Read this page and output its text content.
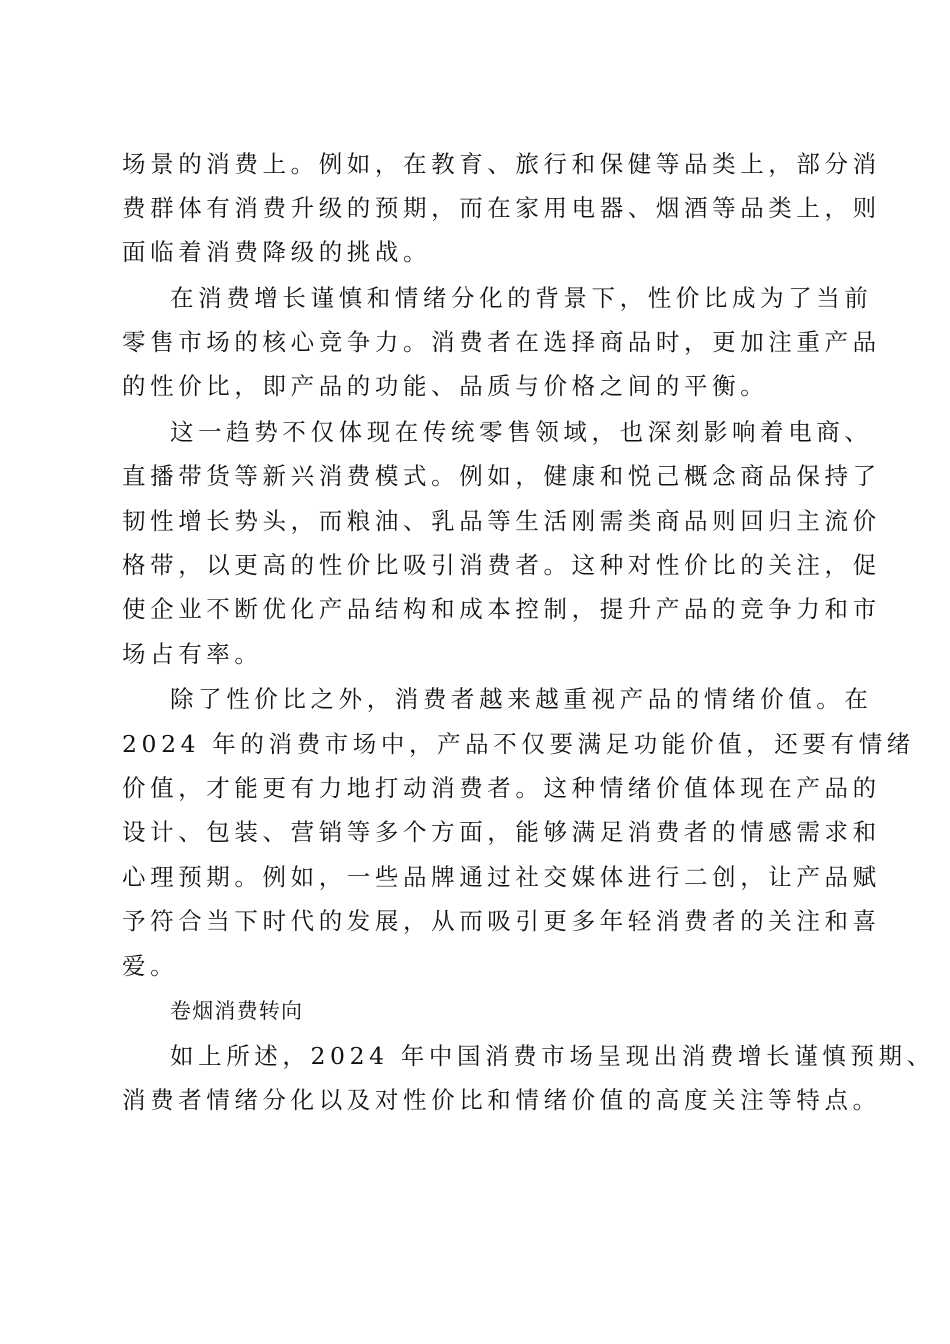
场景的消费上。例如，在教育、旅行和保健等品类上，部分消
费群体有消费升级的预期，而在家用电器、烟酒等品类上，则
面临着消费降级的挑战。
在消费增长谨慎和情绪分化的背景下，性价比成为了当前
零售市场的核心竞争力。消费者在选择商品时，更加注重产品
的性价比，即产品的功能、品质与价格之间的平衡。
这一趋势不仅体现在传统零售领域，也深刻影响着电商、
直播带货等新兴消费模式。例如，健康和悦己概念商品保持了
韧性增长势头，而粮油、乳品等生活刚需类商品则回归主流价
格带，以更高的性价比吸引消费者。这种对性价比的关注，促
使企业不断优化产品结构和成本控制，提升产品的竞争力和市
场占有率。
除了性价比之外，消费者越来越重视产品的情绪价值。在
2024 年的消费市场中，产品不仅要满足功能价值，还要有情绪
价值，才能更有力地打动消费者。这种情绪价值体现在产品的
设计、包装、营销等多个方面，能够满足消费者的情感需求和
心理预期。例如，一些品牌通过社交媒体进行二创，让产品赋
予符合当下时代的发展，从而吸引更多年轻消费者的关注和喜
爱。
卷烟消费转向
如上所述，2024 年中国消费市场呈现出消费增长谨慎预期、
消费者情绪分化以及对性价比和情绪价值的高度关注等特点。
